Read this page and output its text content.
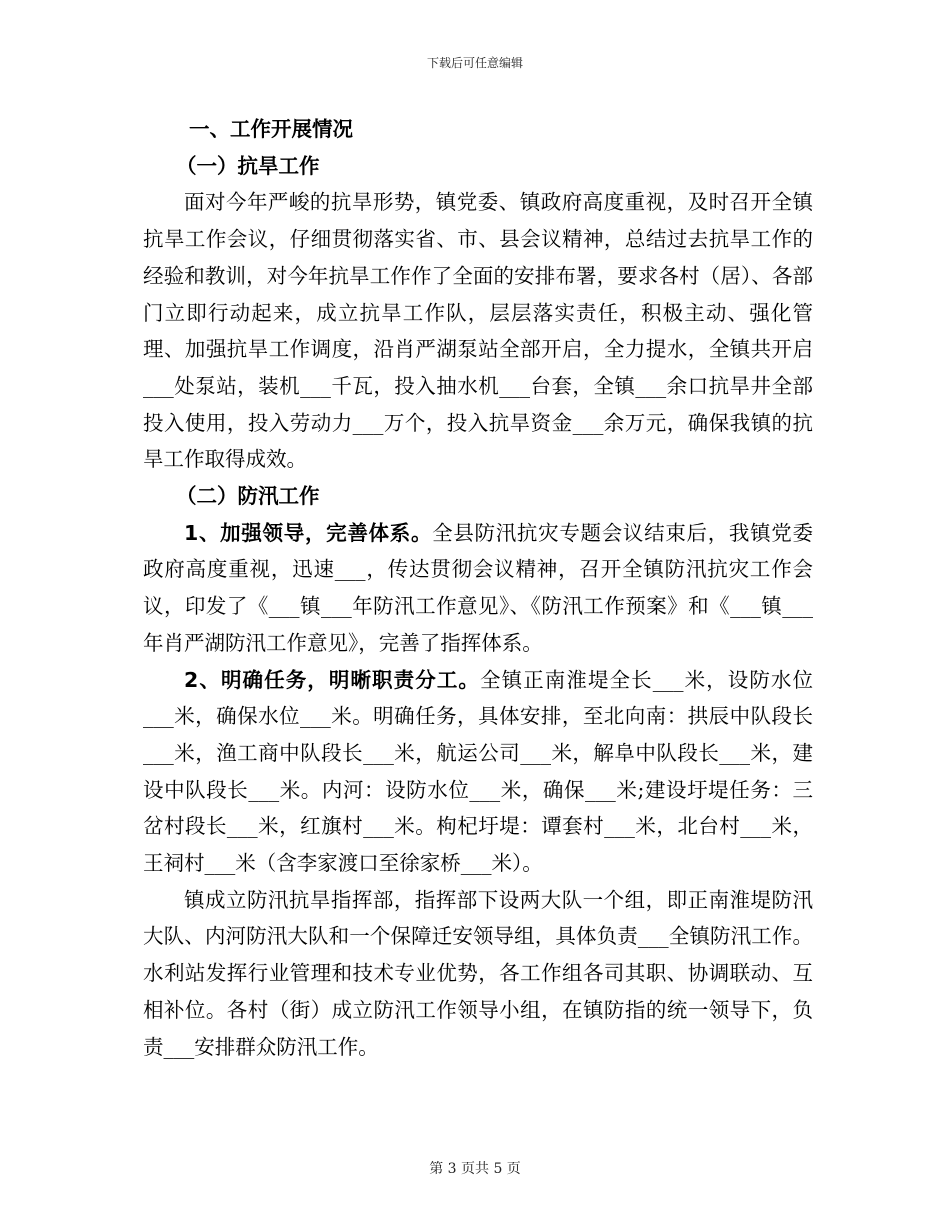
下载后可任意编辑

一、工作开展情况

（一）抗旱工作

面对今年严峻的抗旱形势，镇党委、镇政府高度重视，及时召开全镇抗旱工作会议，仔细贯彻落实省、市、县会议精神，总结过去抗旱工作的经验和教训，对今年抗旱工作作了全面的安排布署，要求各村（居）、各部门立即行动起来，成立抗旱工作队，层层落实责任，积极主动、强化管理、加强抗旱工作调度，沿肖严湖泵站全部开启，全力提水，全镇共开启___处泵站，装机___千瓦，投入抽水机___台套，全镇___余口抗旱井全部投入使用，投入劳动力___万个，投入抗旱资金___余万元，确保我镇的抗旱工作取得成效。

（二）防汛工作

1、加强领导，完善体系。全县防汛抗灾专题会议结束后，我镇党委政府高度重视，迅速___，传达贯彻会议精神，召开全镇防汛抗灾工作会议，印发了《___镇___年防汛工作意见》、《防汛工作预案》和《___镇___年肖严湖防汛工作意见》，完善了指挥体系。

2、明确任务，明晰职责分工。全镇正南淮堤全长___米，设防水位___米，确保水位___米。明确任务，具体安排，至北向南：拱辰中队段长___米，渔工商中队段长___米，航运公司___米，解阜中队段长___米，建设中队段长___米。内河：设防水位___米，确保___米;建设圩堤任务：三岔村段长___米，红旗村___米。枸杞圩堤：谭套村___米，北台村___米，王祠村___米（含李家渡口至徐家桥___米）。

镇成立防汛抗旱指挥部，指挥部下设两大队一个组，即正南淮堤防汛大队、内河防汛大队和一个保障迁安领导组，具体负责___全镇防汛工作。水利站发挥行业管理和技术专业优势，各工作组各司其职、协调联动、互相补位。各村（街）成立防汛工作领导小组，在镇防指的统一领导下，负责___安排群众防汛工作。

第 3 页共 5 页
